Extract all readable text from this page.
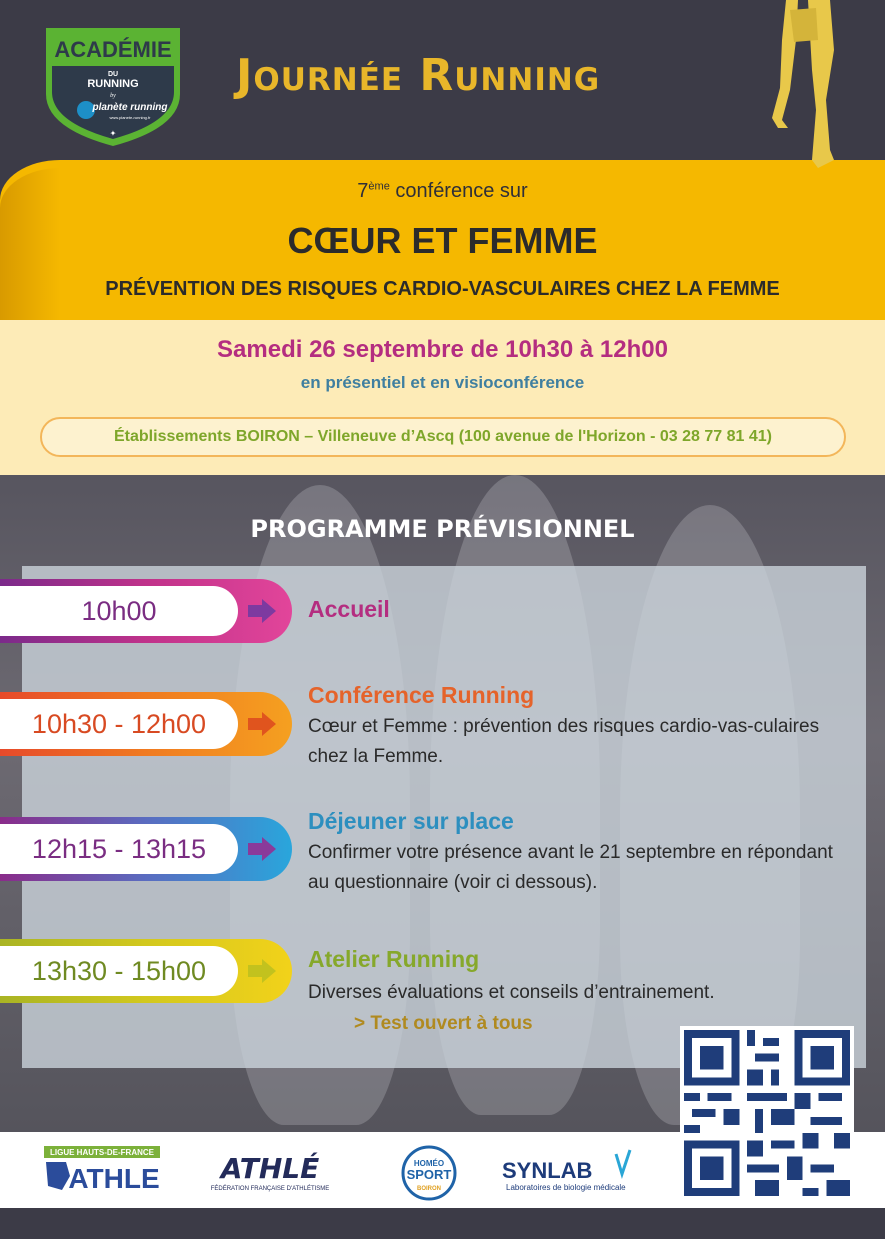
ACADÉMIE
DU
RUNNING
by
planète running
www.planete-running.fr
✦
Journée Running
7ème conférence sur
CŒUR ET FEMME
PRÉVENTION DES RISQUES CARDIO-VASCULAIRES CHEZ LA FEMME
Samedi 26 septembre de 10h30 à 12h00
en présentiel et en visioconférence
Établissements BOIRON – Villeneuve d’Ascq (100 avenue de l'Horizon - 03 28 77 81 41)
PROGRAMME PRÉVISIONNEL
10h00	Accueil
10h30 - 12h00
Conférence Running
Cœur et Femme : prévention des risques cardio-vas-culaires chez la Femme.
12h15 - 13h15
Déjeuner sur place
Confirmer votre présence avant le 21 septembre en répondant au questionnaire (voir ci dessous).
13h30 - 15h00	Atelier Running
Diverses évaluations et conseils d’entrainement.
> Test ouvert à tous
LIGUE HAUTS-DE-FRANCE
ATHLE ATHLÉ
FÉDÉRATION FRANÇAISE D'ATHLÉTISME
HOMÉO
SPORT
BOIRON
SYNLAB
Laboratoires de biologie médicale
